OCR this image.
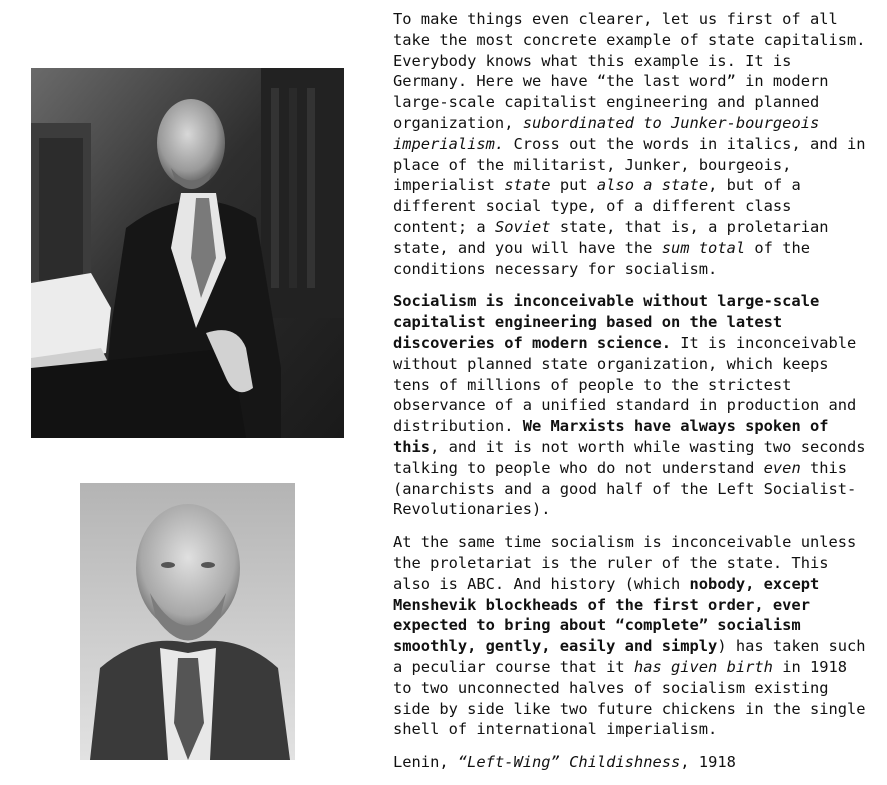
To make things even clearer, let us first of all take the most concrete example of state capitalism. Everybody knows what this example is. It is Germany. Here we have “the last word” in modern large-scale capitalist engineering and planned organization, subordinated to Junker-bourgeois imperialism. Cross out the words in italics, and in place of the militarist, Junker, bourgeois, imperialist state put also a state, but of a different social type, of a different class content; a Soviet state, that is, a proletarian state, and you will have the sum total of the conditions necessary for socialism.

Socialism is inconceivable without large-scale capitalist engineering based on the latest discoveries of modern science. It is inconceivable without planned state organization, which keeps tens of millions of people to the strictest observance of a unified standard in production and distribution. We Marxists have always spoken of this, and it is not worth while wasting two seconds talking to people who do not understand even this (anarchists and a good half of the Left Socialist-Revolutionaries).

At the same time socialism is inconceivable unless the proletariat is the ruler of the state. This also is ABC. And history (which nobody, except Menshevik blockheads of the first order, ever expected to bring about “complete” socialism smoothly, gently, easily and simply) has taken such a peculiar course that it has given birth in 1918 to two unconnected halves of socialism existing side by side like two future chickens in the single shell of international imperialism.

Lenin, “Left-Wing” Childishness, 1918
